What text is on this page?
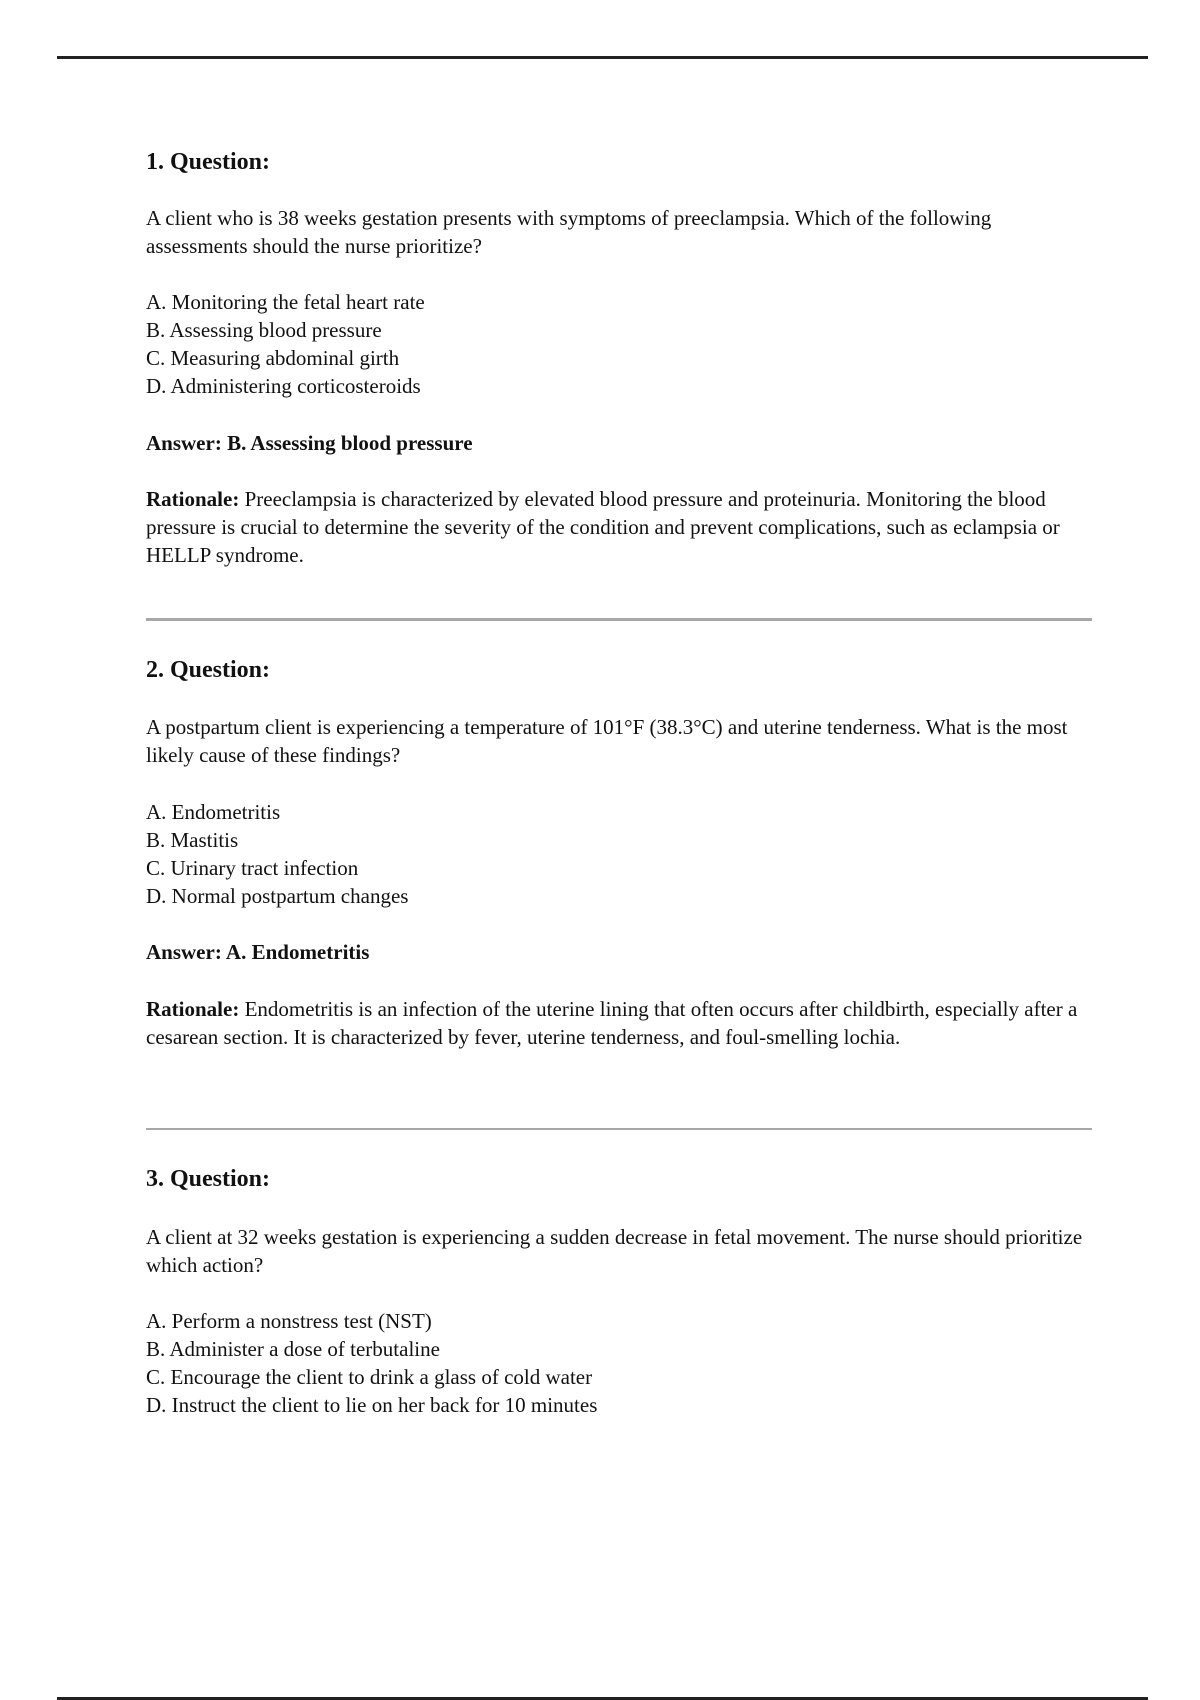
1. Question:
A client who is 38 weeks gestation presents with symptoms of preeclampsia. Which of the following assessments should the nurse prioritize?
A. Monitoring the fetal heart rate
B. Assessing blood pressure
C. Measuring abdominal girth
D. Administering corticosteroids
Answer: B. Assessing blood pressure
Rationale: Preeclampsia is characterized by elevated blood pressure and proteinuria. Monitoring the blood pressure is crucial to determine the severity of the condition and prevent complications, such as eclampsia or HELLP syndrome.
2. Question:
A postpartum client is experiencing a temperature of 101°F (38.3°C) and uterine tenderness. What is the most likely cause of these findings?
A. Endometritis
B. Mastitis
C. Urinary tract infection
D. Normal postpartum changes
Answer: A. Endometritis
Rationale: Endometritis is an infection of the uterine lining that often occurs after childbirth, especially after a cesarean section. It is characterized by fever, uterine tenderness, and foul-smelling lochia.
3. Question:
A client at 32 weeks gestation is experiencing a sudden decrease in fetal movement. The nurse should prioritize which action?
A. Perform a nonstress test (NST)
B. Administer a dose of terbutaline
C. Encourage the client to drink a glass of cold water
D. Instruct the client to lie on her back for 10 minutes
